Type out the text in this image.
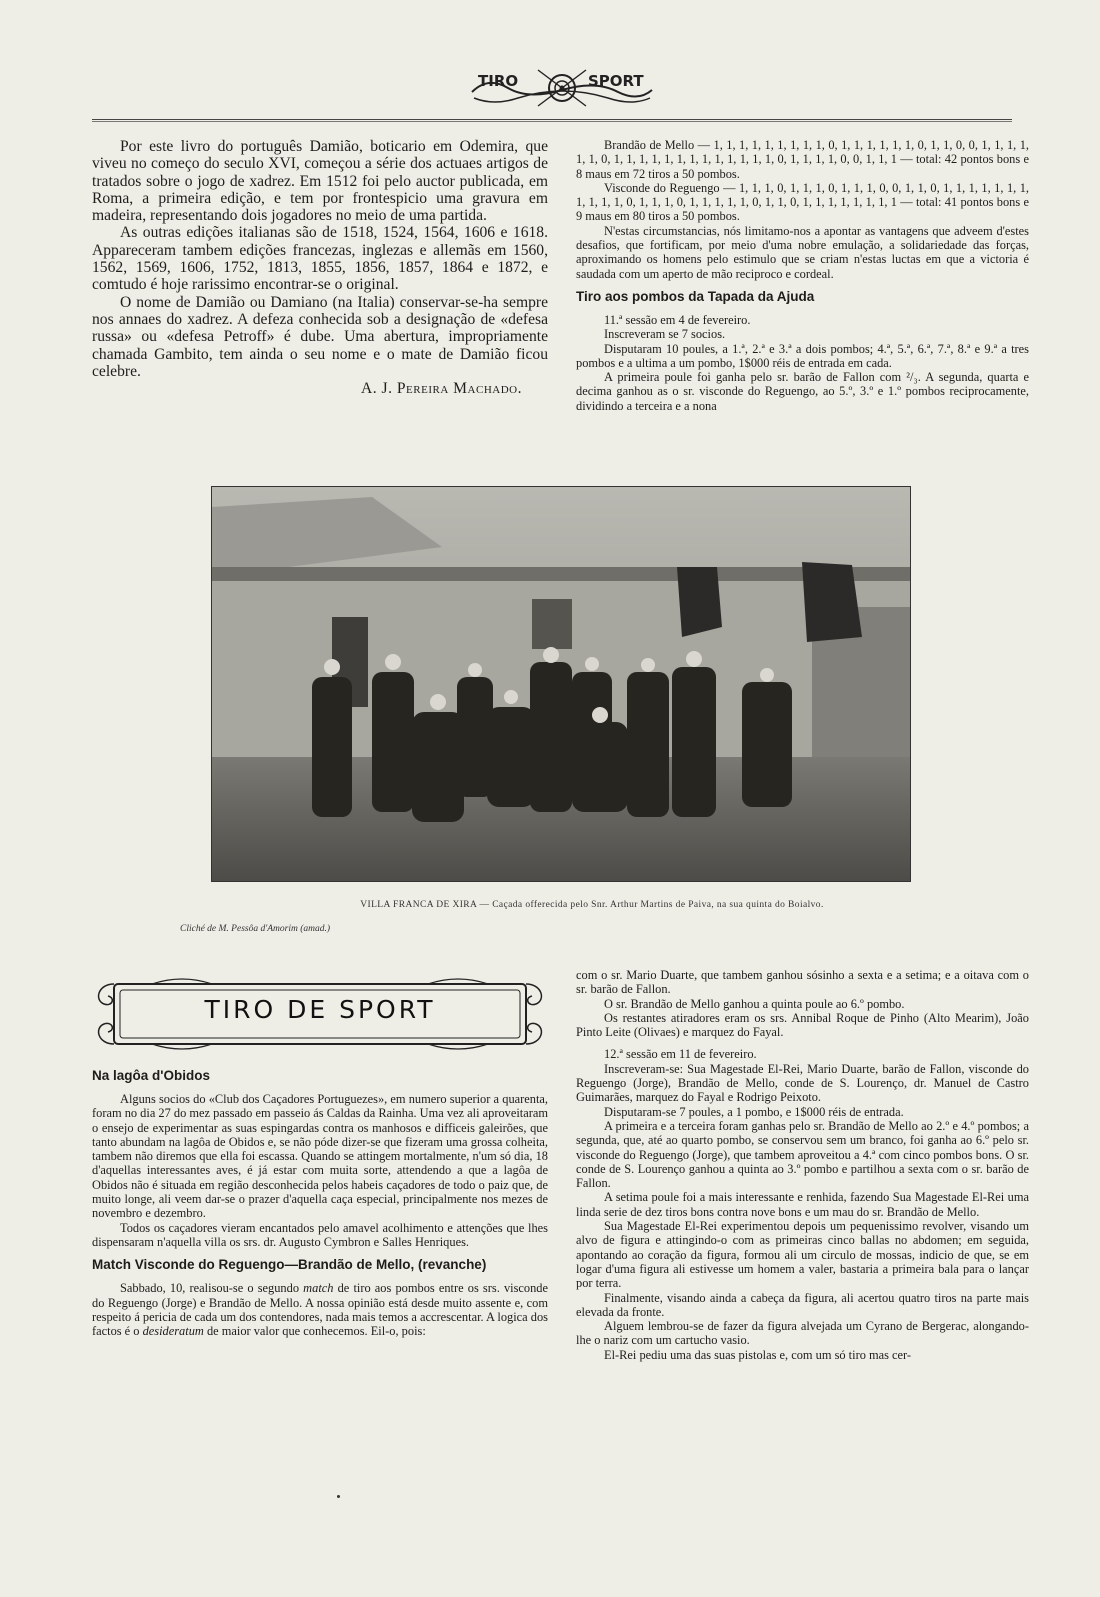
TIRO	SPORT

Por este livro do português Damião, boticario em Odemira, que viveu no começo do seculo XVI, começou a série dos actuaes artigos de tratados sobre o jogo de xadrez. Em 1512 foi pelo auctor publicada, em Roma, a primeira edição, e tem por frontespicio uma gravura em madeira, representando dois jogadores no meio de uma partida.

As outras edições italianas são de 1518, 1524, 1564, 1606 e 1618. Appareceram tambem edições francezas, inglezas e allemãs em 1560, 1562, 1569, 1606, 1752, 1813, 1855, 1856, 1857, 1864 e 1872, e comtudo é hoje rarissimo encontrar-se o original.

O nome de Damião ou Damiano (na Italia) conservar-se-ha sempre nos annaes do xadrez. A defeza conhecida sob a designação de «defesa russa» ou «defesa Petroff» é dube. Uma abertura, impropriamente chamada Gambito, tem ainda o seu nome e o mate de Damião ficou celebre.

A. J. Pereira Machado.

Brandão de Mello — 1, 1, 1, 1, 1, 1, 1, 1, 1, 0, 1, 1, 1, 1, 1, 1, 0, 1, 1, 0, 0, 1, 1, 1, 1, 1, 1, 0, 1, 1, 1, 1, 1, 1, 1, 1, 1, 1, 1, 1, 1, 0, 1, 1, 1, 1, 0, 0, 1, 1, 1 — total: 42 pontos bons e 8 maus em 72 tiros a 50 pombos.

Visconde do Reguengo — 1, 1, 1, 0, 1, 1, 1, 0, 1, 1, 1, 0, 0, 1, 1, 0, 1, 1, 1, 1, 1, 1, 1, 1, 1, 1, 1, 0, 1, 1, 1, 0, 1, 1, 1, 1, 1, 0, 1, 1, 0, 1, 1, 1, 1, 1, 1, 1, 1 — total: 41 pontos bons e 9 maus em 80 tiros a 50 pombos.

N'estas circumstancias, nós limitamo-nos a apontar as vantagens que adveem d'estes desafios, que fortificam, por meio d'uma nobre emulação, a solidariedade das forças, aproximando os homens pelo estimulo que se criam n'estas luctas em que a victoria é saudada com um aperto de mão reciproco e cordeal.

Tiro aos pombos da Tapada da Ajuda

11.ª sessão em 4 de fevereiro.

Inscreveram se 7 socios.

Disputaram 10 poules, a 1.ª, 2.ª e 3.ª a dois pombos; 4.ª, 5.ª, 6.ª, 7.ª, 8.ª e 9.ª a tres pombos e a ultima a um pombo, 1$000 réis de entrada em cada.

A primeira poule foi ganha pelo sr. barão de Fallon com ²/₃. A segunda, quarta e decima ganhou as o sr. visconde do Reguengo, ao 5.º, 3.º e 1.º pombos reciprocamente, dividindo a terceira e a nona

VILLA FRANCA DE XIRA — Caçada offerecida pelo Snr. Arthur Martins de Paiva, na sua quinta do Boialvo.
Cliché de M. Pessôa d'Amorim (amad.)
TIRO DE SPORT
Na lagôa d'Obidos

Alguns socios do «Club dos Caçadores Portuguezes», em numero superior a quarenta, foram no dia 27 do mez passado em passeio ás Caldas da Rainha. Uma vez ali aproveitaram o ensejo de experimentar as suas espingardas contra os manhosos e difficeis galeirões, que tanto abundam na lagôa de Obidos e, se não póde dizer-se que fizeram uma grossa colheita, tambem não diremos que ella foi escassa. Quando se attingem mortalmente, n'um só dia, 18 d'aquellas interessantes aves, é já estar com muita sorte, attendendo a que a lagôa de Obidos não é situada em região desconhecida pelos habeis caçadores de todo o paiz que, de muito longe, ali veem dar-se o prazer d'aquella caça especial, principalmente nos mezes de novembro e dezembro.

Todos os caçadores vieram encantados pelo amavel acolhimento e attenções que lhes dispensaram n'aquella villa os srs. dr. Augusto Cymbron e Salles Henriques.

Match Visconde do Reguengo—Brandão de Mello, (revanche)

Sabbado, 10, realisou-se o segundo match de tiro aos pombos entre os srs. visconde do Reguengo (Jorge) e Brandão de Mello. A nossa opinião está desde muito assente e, com respeito á pericia de cada um dos contendores, nada mais temos a accrescentar. A logica dos factos é o desideratum de maior valor que conhecemos. Eil-o, pois:

com o sr. Mario Duarte, que tambem ganhou sósinho a sexta e a setima; e a oitava com o sr. barão de Fallon.

O sr. Brandão de Mello ganhou a quinta poule ao 6.º pombo.

Os restantes atiradores eram os srs. Annibal Roque de Pinho (Alto Mearim), João Pinto Leite (Olivaes) e marquez do Fayal.

12.ª sessão em 11 de fevereiro.

Inscreveram-se: Sua Magestade El-Rei, Mario Duarte, barão de Fallon, visconde do Reguengo (Jorge), Brandão de Mello, conde de S. Lourenço, dr. Manuel de Castro Guimarães, marquez do Fayal e Rodrigo Peixoto.

Disputaram-se 7 poules, a 1 pombo, e 1$000 réis de entrada.

A primeira e a terceira foram ganhas pelo sr. Brandão de Mello ao 2.º e 4.º pombos; a segunda, que, até ao quarto pombo, se conservou sem um branco, foi ganha ao 6.º pelo sr. visconde do Reguengo (Jorge), que tambem aproveitou a 4.ª com cinco pombos bons. O sr. conde de S. Lourenço ganhou a quinta ao 3.º pombo e partilhou a sexta com o sr. barão de Fallon.

A setima poule foi a mais interessante e renhida, fazendo Sua Magestade El-Rei uma linda serie de dez tiros bons contra nove bons e um mau do sr. Brandão de Mello.

Sua Magestade El-Rei experimentou depois um pequenissimo revolver, visando um alvo de figura e attingindo-o com as primeiras cinco ballas no abdomen; em seguida, apontando ao coração da figura, formou ali um circulo de mossas, indicio de que, se em logar d'uma figura ali estivesse um homem a valer, bastaria a primeira bala para o lançar por terra.

Finalmente, visando ainda a cabeça da figura, ali acertou quatro tiros na parte mais elevada da fronte.

Alguem lembrou-se de fazer da figura alvejada um Cyrano de Bergerac, alongando-lhe o nariz com um cartucho vasio.

El-Rei pediu uma das suas pistolas e, com um só tiro mas cer-
